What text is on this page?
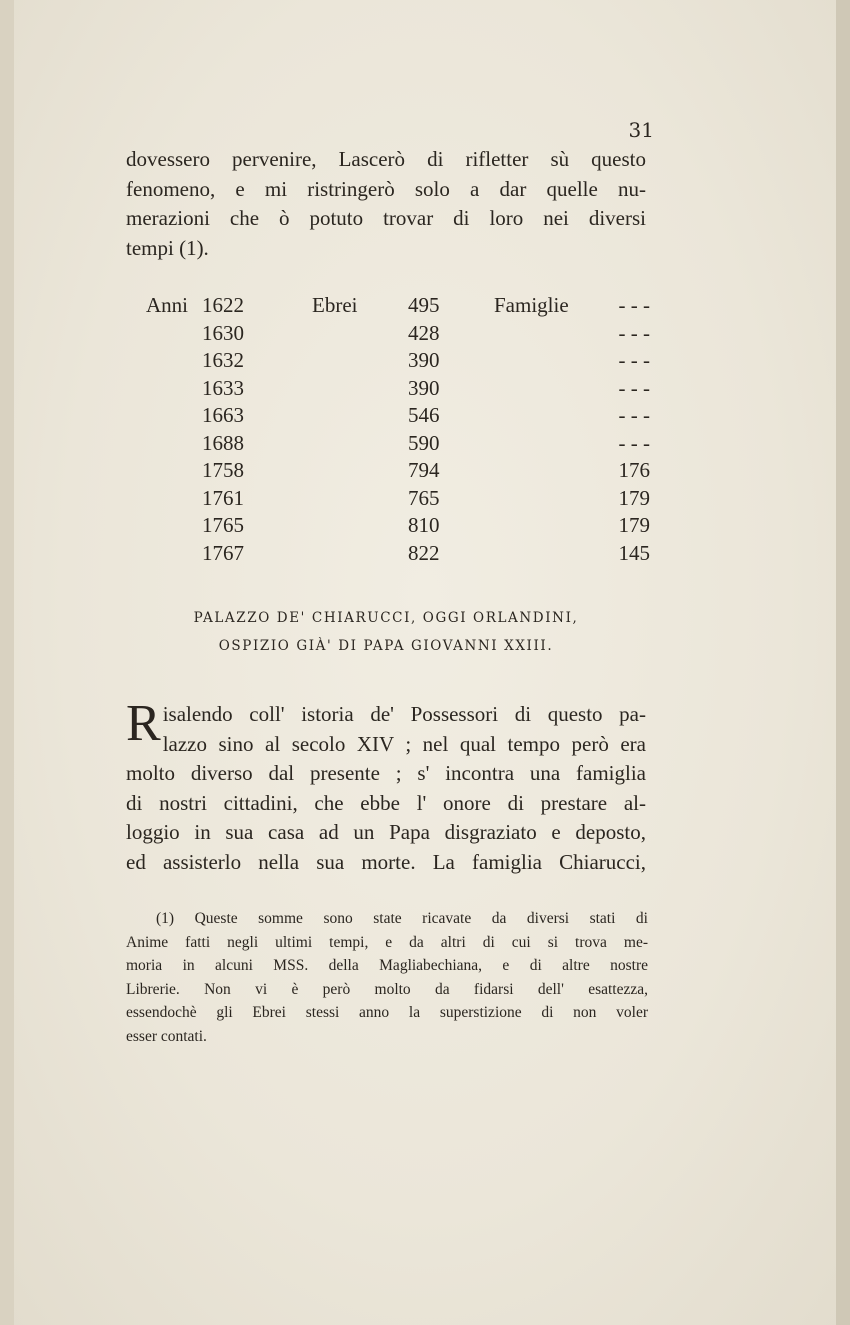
31
dovessero pervenire, Lascerò di rifletter sù questo
fenomeno, e mi ristringerò solo a dar quelle nu-
merazioni che ò potuto trovar di loro nei diversi
tempi (1).
Anni	1622	Ebrei	495	Famiglie	- - -
	1630		428		- - -
	1632		390		- - -
	1633		390		- - -
	1663		546		- - -
	1688		590		- - -
	1758		794		176
	1761		765		179
	1765		810		179
	1767		822		145
PALAZZO DE' CHIARUCCI, OGGI ORLANDINI,
OSPIZIO GIÀ' DI PAPA GIOVANNI XXIII.
R isalendo coll' istoria de' Possessori di questo pa-
lazzo sino al secolo XIV ; nel qual tempo però era
molto diverso dal presente ; s' incontra una famiglia
di nostri cittadini, che ebbe l' onore di prestare al-
loggio in sua casa ad un Papa disgraziato e deposto,
ed assisterlo nella sua morte. La famiglia Chiarucci,
(1) Queste somme sono state ricavate da diversi stati di
Anime fatti negli ultimi tempi, e da altri di cui si trova me-
moria in alcuni MSS. della Magliabechiana, e di altre nostre
Librerie. Non vi è però molto da fidarsi dell' esattezza,
essendochè gli Ebrei stessi anno la superstizione di non voler
esser contati.
